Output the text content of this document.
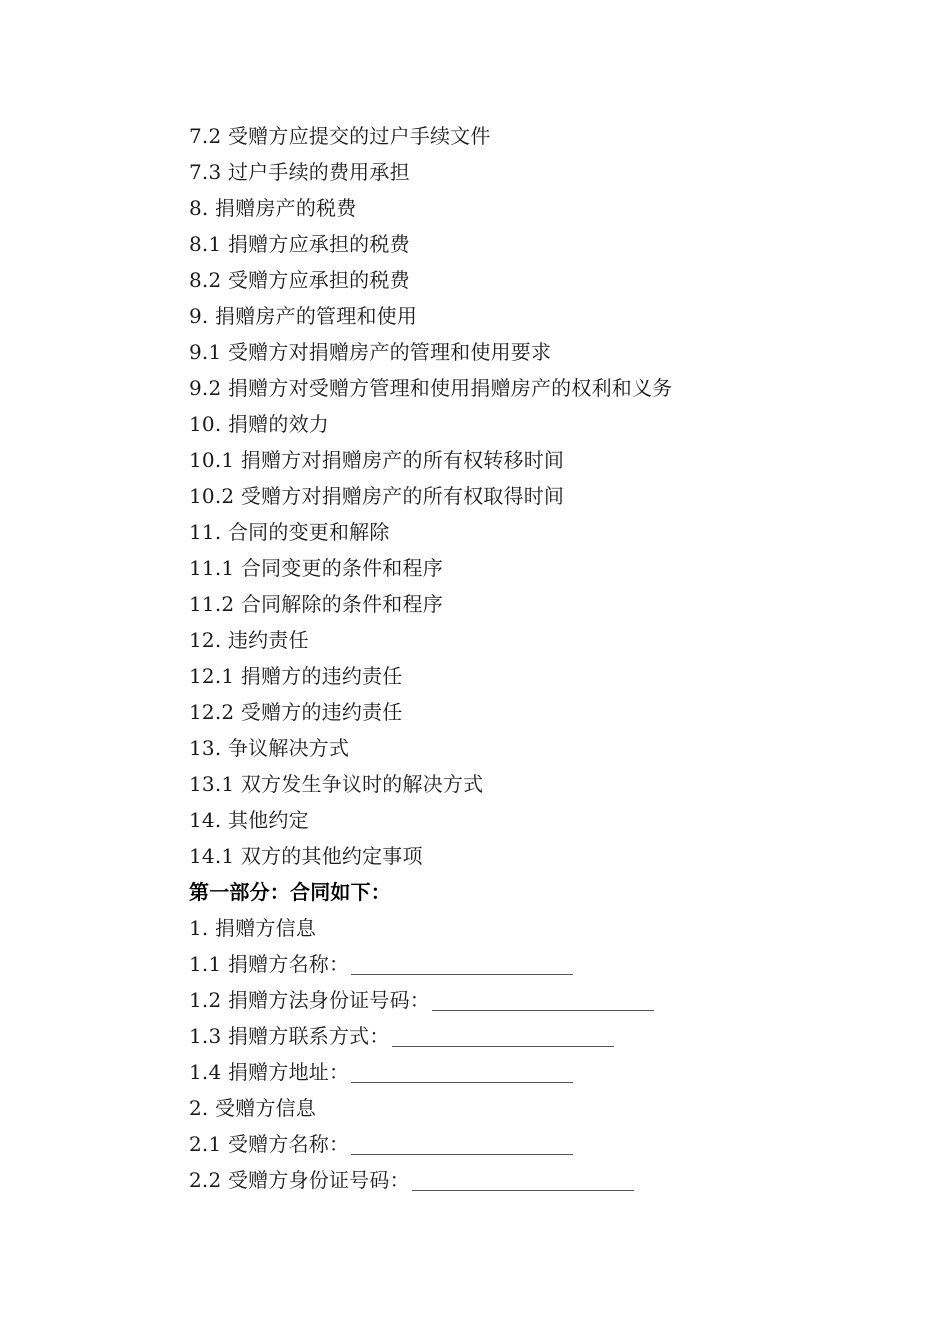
7.2 受赠方应提交的过户手续文件
7.3 过户手续的费用承担
8. 捐赠房产的税费
8.1 捐赠方应承担的税费
8.2 受赠方应承担的税费
9. 捐赠房产的管理和使用
9.1 受赠方对捐赠房产的管理和使用要求
9.2 捐赠方对受赠方管理和使用捐赠房产的权利和义务
10. 捐赠的效力
10.1 捐赠方对捐赠房产的所有权转移时间
10.2 受赠方对捐赠房产的所有权取得时间
11. 合同的变更和解除
11.1 合同变更的条件和程序
11.2 合同解除的条件和程序
12. 违约责任
12.1 捐赠方的违约责任
12.2 受赠方的违约责任
13. 争议解决方式
13.1 双方发生争议时的解决方式
14. 其他约定
14.1 双方的其他约定事项
第一部分：合同如下：
1. 捐赠方信息
1.1 捐赠方名称：
1.2 捐赠方法身份证号码：
1.3 捐赠方联系方式：
1.4 捐赠方地址：
2. 受赠方信息
2.1 受赠方名称：
2.2 受赠方身份证号码：
